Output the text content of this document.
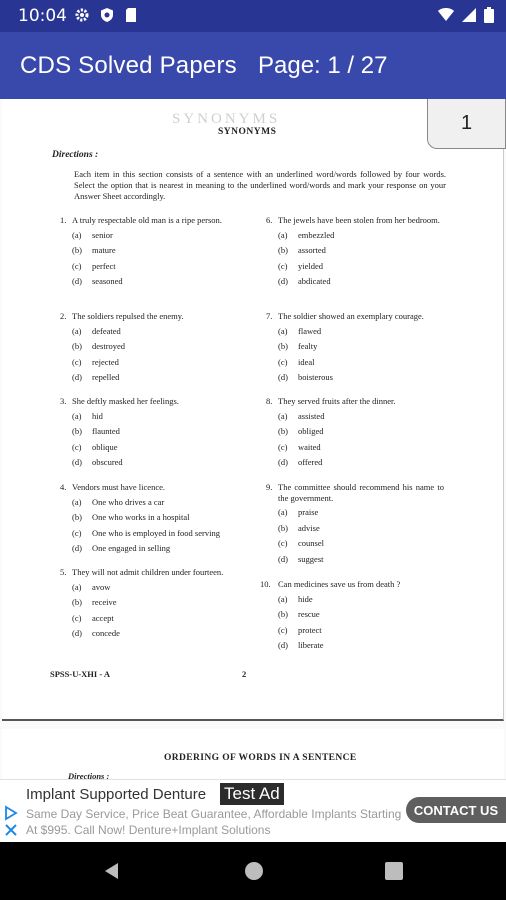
10:04
CDS Solved Papers Page: 1 / 27
SYNONYMS
SYNONYMS
Directions :
Each item in this section consists of a sentence with an underlined word/words followed by four words. Select the option that is nearest in meaning to the underlined word/words and mark your response on your Answer Sheet accordingly.
1. A truly respectable old man is a ripe person.
(a)	senior
(b)	mature
(c)	perfect
(d)	seasoned
2. The soldiers repulsed the enemy.
(a)	defeated
(b)	destroyed
(c)	rejected
(d)	repelled
3. She deftly masked her feelings.
(a)	hid
(b)	flaunted
(c)	oblique
(d)	obscured
4. Vendors must have licence.
(a)	One who drives a car
(b)	One who works in a hospital
(c)	One who is employed in food serving
(d)	One engaged in selling
5. They will not admit children under fourteen.
(a)	avow
(b)	receive
(c)	accept
(d)	concede
6. The jewels have been stolen from her bedroom.
(a)	embezzled
(b)	assorted
(c)	yielded
(d)	abdicated
7. The soldier showed an exemplary courage.
(a)	flawed
(b)	fealty
(c)	ideal
(d)	boisterous
8. They served fruits after the dinner.
(a)	assisted
(b)	obliged
(c)	waited
(d)	offered
9. The committee should recommend his name to the government.
(a)	praise
(b)	advise
(c)	counsel
(d)	suggest
10. Can medicines save us from death ?
(a)	hide
(b)	rescue
(c)	protect
(d)	liberate
SPSS-U-XHI - A	2
ORDERING OF WORDS IN A SENTENCE
Directions :
1
Implant Supported Denture Test Ad
Same Day Service, Price Beat Guarantee, Affordable Implants Starting At $995. Call Now! Denture+Implant Solutions
CONTACT US
